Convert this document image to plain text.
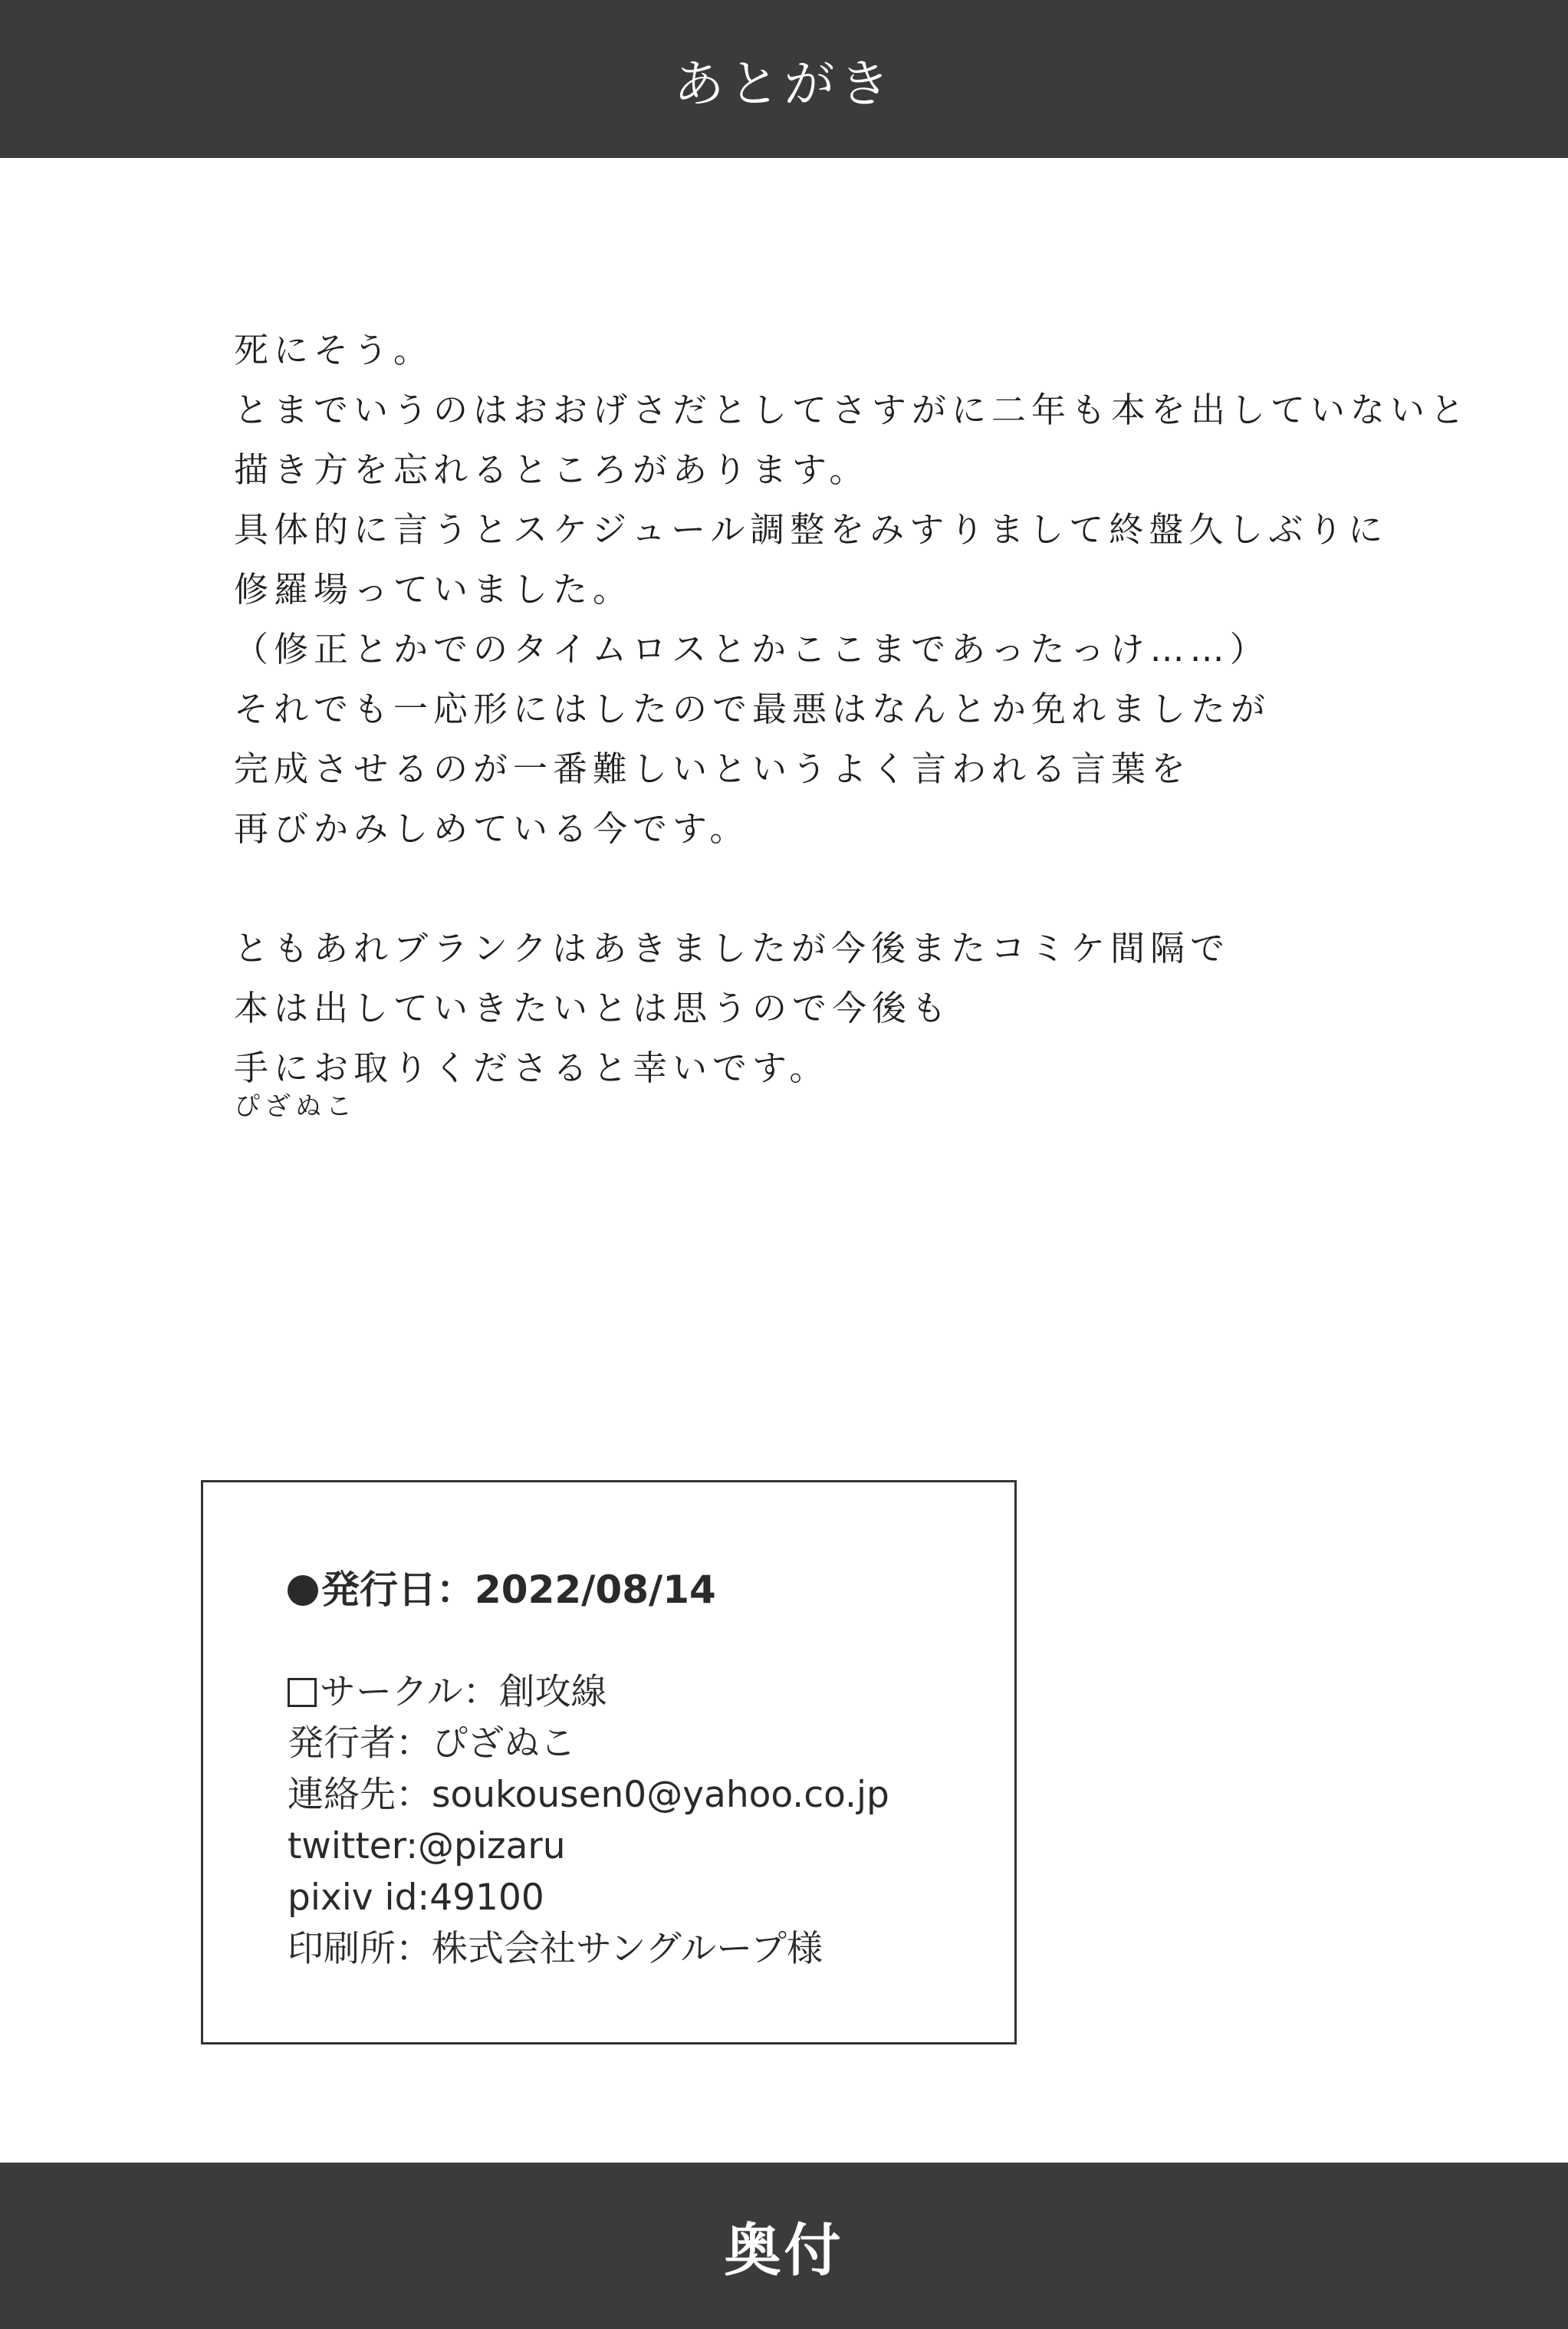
あとがき
死にそう。
とまでいうのはおおげさだとしてさすがに二年も本を出していないと
描き方を忘れるところがあります。
具体的に言うとスケジュール調整をみすりまして終盤久しぶりに
修羅場っていました。
（修正とかでのタイムロスとかここまであったっけ……）
それでも一応形にはしたので最悪はなんとか免れましたが
完成させるのが一番難しいというよく言われる言葉を
再びかみしめている今です。
ともあれブランクはあきましたが今後またコミケ間隔で
本は出していきたいとは思うので今後も
手にお取りくださると幸いです。
ぴざぬこ
発行日：2022/08/14
サークル：創攻線
発行者：ぴざぬこ
連絡先：soukousen0@yahoo.co.jp
twitter:@pizaru
pixiv id:49100
印刷所：株式会社サングループ様
奥付
